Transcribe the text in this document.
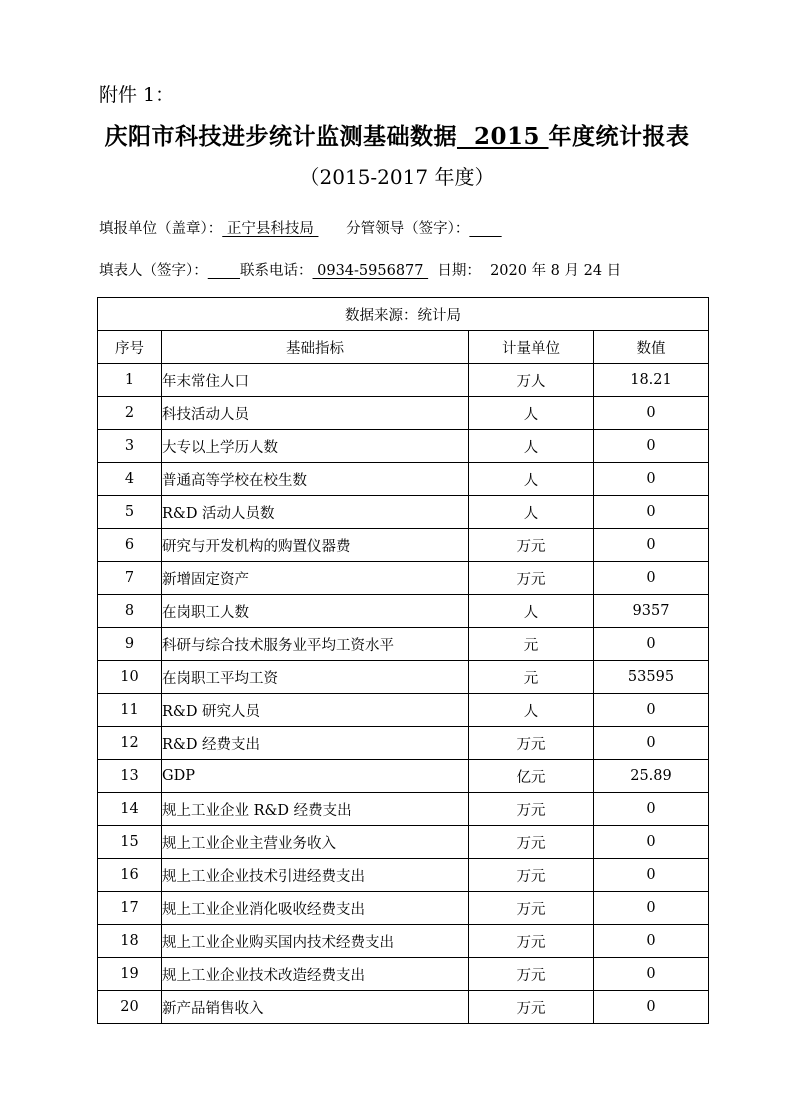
附件 1：
庆阳市科技进步统计监测基础数据 2015 年度统计报表
（2015-2017 年度）
填报单位（盖章）： 正宁县科技局       分管领导（签字）：
填表人（签字）： 联系电话： 0934-5956877   日期： 2020 年 8 月 24 日
数据来源：统计局			
序号	基础指标	计量单位	数值
1	年末常住人口	万人	18.21
2	科技活动人员	人	0
3	大专以上学历人数	人	0
4	普通高等学校在校生数	人	0
5	R&D 活动人员数	人	0
6	研究与开发机构的购置仪器费	万元	0
7	新增固定资产	万元	0
8	在岗职工人数	人	9357
9	科研与综合技术服务业平均工资水平	元	0
10	在岗职工平均工资	元	53595
11	R&D 研究人员	人	0
12	R&D 经费支出	万元	0
13	GDP	亿元	25.89
14	规上工业企业 R&D 经费支出	万元	0
15	规上工业企业主营业务收入	万元	0
16	规上工业企业技术引进经费支出	万元	0
17	规上工业企业消化吸收经费支出	万元	0
18	规上工业企业购买国内技术经费支出	万元	0
19	规上工业企业技术改造经费支出	万元	0
20	新产品销售收入	万元	0
